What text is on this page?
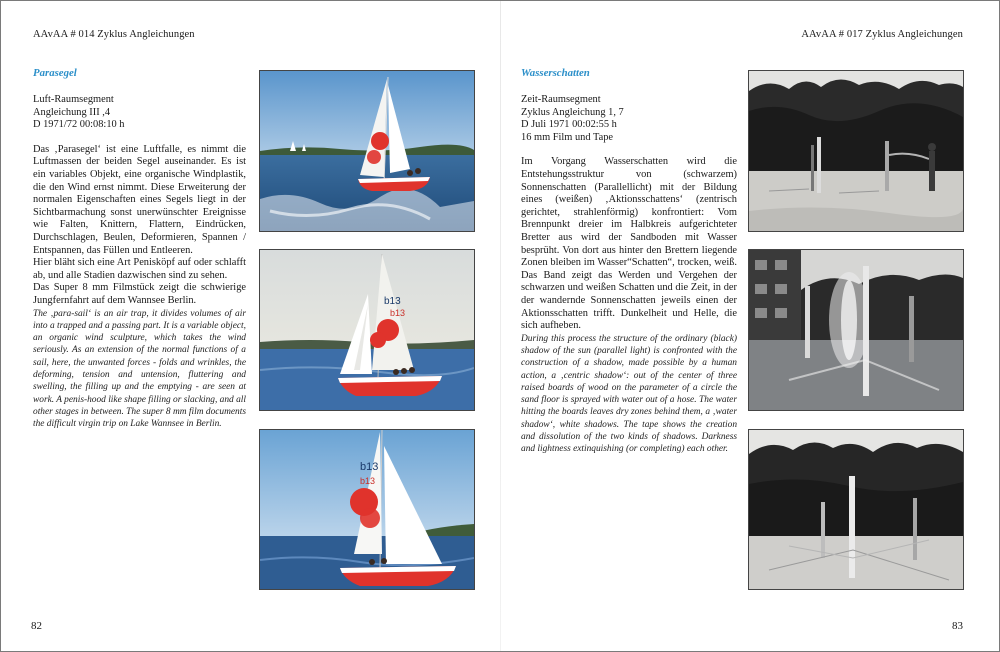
AAvAA # 014 Zyklus Angleichungen
Parasegel

Luft-Raumsegment

Angleichung III ,4

D 1971/72 00:08:10 h

Das ‚Parasegel‘ ist eine Luftfalle, es nimmt die Luftmassen der beiden Segel auseinander. Es ist ein variables Objekt, eine organische Windplastik, die den Wind ernst nimmt. Diese Erweiterung der normalen Eigenschaften eines Segels liegt in der Sichtbarmachung sonst unerwünschter Ereignisse wie Falten, Knittern, Flattern, Eindrücken, Durchschlagen, Beulen, Deformieren, Spannen / Entspannen, das Füllen und Entleeren.

Hier bläht sich eine Art Penisköpf auf oder schlafft ab, und alle Stadien dazwischen sind zu sehen.

Das Super 8 mm Filmstück zeigt die schwierige Jungfernfahrt auf dem Wannsee Berlin.

The ‚para-sail‘ is an air trap, it divides volumes of air into a trapped and a passing part. It is a variable object, an organic wind sculpture, which takes the wind seriously. As an extension of the normal functions of a sail, here, the unwanted forces - folds and wrinkles, the deforming, tension and untension, fluttering and swelling, the filling up and the emptying - are seen at work. A penis-hood like shape filling or slacking, and all other stages in between. The super 8 mm film documents the difficult virgin trip on Lake Wannsee in Berlin.

b13
b13
b13
b13
82
AAvAA # 017 Zyklus Angleichungen
Wasserschatten

Zeit-Raumsegment

Zyklus Angleichung 1, 7

D Juli 1971 00:02:55 h

16 mm Film und Tape

Im Vorgang Wasserschatten wird die Entstehungsstruktur von (schwarzem) Sonnenschatten (Parallellicht) mit der Bildung eines (weißen) ‚Aktionsschattens‘ (zentrisch gerichtet, strahlenförmig) konfrontiert: Vom Brennpunkt dreier im Halbkreis aufgerichteter Bretter aus wird der Sandboden mit Wasser besprüht. Von dort aus hinter den Brettern liegende Zonen bleiben im Wasser“Schatten“, trocken, weiß. Das Band zeigt das Werden und Vergehen der schwarzen und weißen Schatten und die Zeit, in der der wandernde Sonnenschatten jeweils einen der Aktionsschatten trifft. Dunkelheit und Helle, die sich aufheben.

During this process the structure of the ordinary (black) shadow of the sun (parallel light) is confronted with the construction of a shadow, made possible by a human action, a ‚centric shadow‘: out of the center of three raised boards of wood on the parameter of a circle the sand floor is sprayed with water out of a hose. The water hitting the boards leaves dry zones behind them, a ‚water shadow‘, white shadows. The tape shows the creation and dissolution of the two kinds of shadows. Darkness and lightness extinquishing (or completing) each other.

83
